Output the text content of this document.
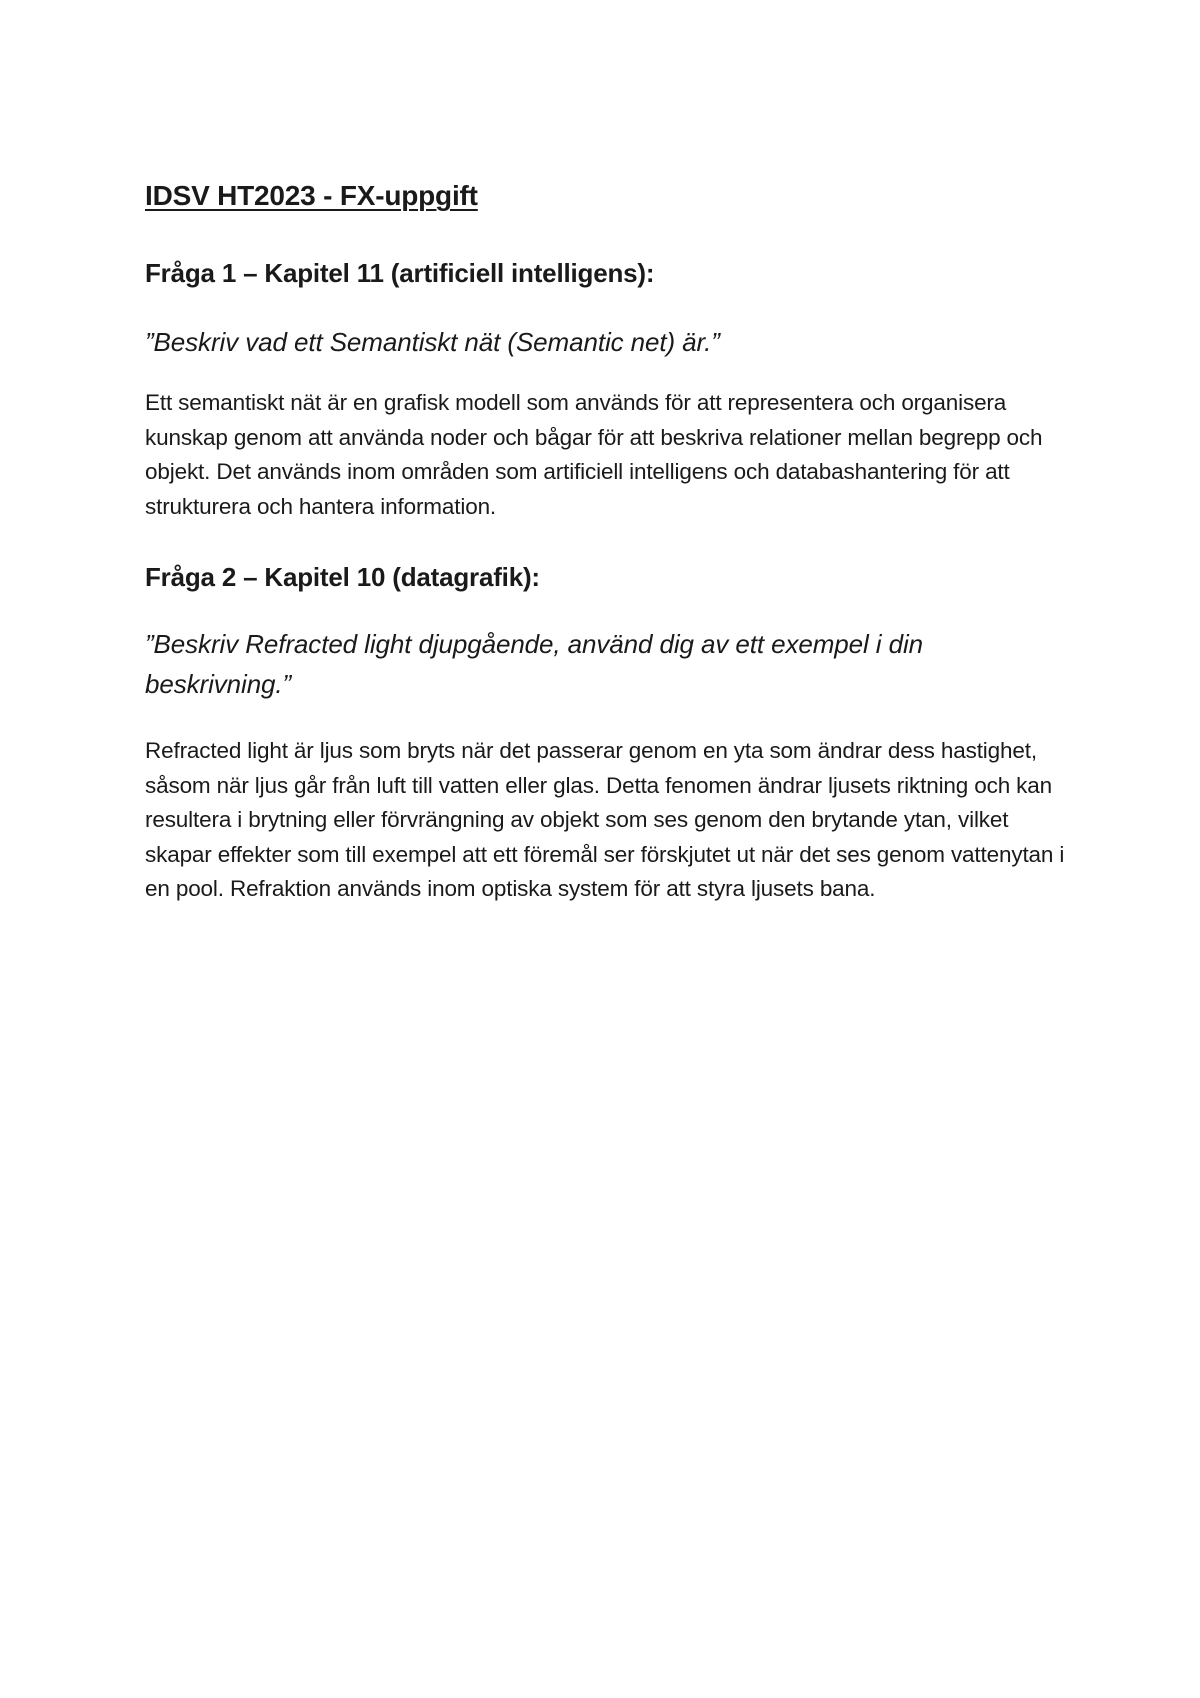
IDSV HT2023 - FX-uppgift
Fråga 1 – Kapitel 11 (artificiell intelligens):

”Beskriv vad ett Semantiskt nät (Semantic net) är.”

Ett semantiskt nät är en grafisk modell som används för att representera och organisera kunskap genom att använda noder och bågar för att beskriva relationer mellan begrepp och objekt. Det används inom områden som artificiell intelligens och databashantering för att strukturera och hantera information.

Fråga 2 – Kapitel 10 (datagrafik):

”Beskriv Refracted light djupgående, använd dig av ett exempel i din beskrivning.”

Refracted light är ljus som bryts när det passerar genom en yta som ändrar dess hastighet, såsom när ljus går från luft till vatten eller glas. Detta fenomen ändrar ljusets riktning och kan resultera i brytning eller förvrängning av objekt som ses genom den brytande ytan, vilket skapar effekter som till exempel att ett föremål ser förskjutet ut när det ses genom vattenytan i en pool. Refraktion används inom optiska system för att styra ljusets bana.
